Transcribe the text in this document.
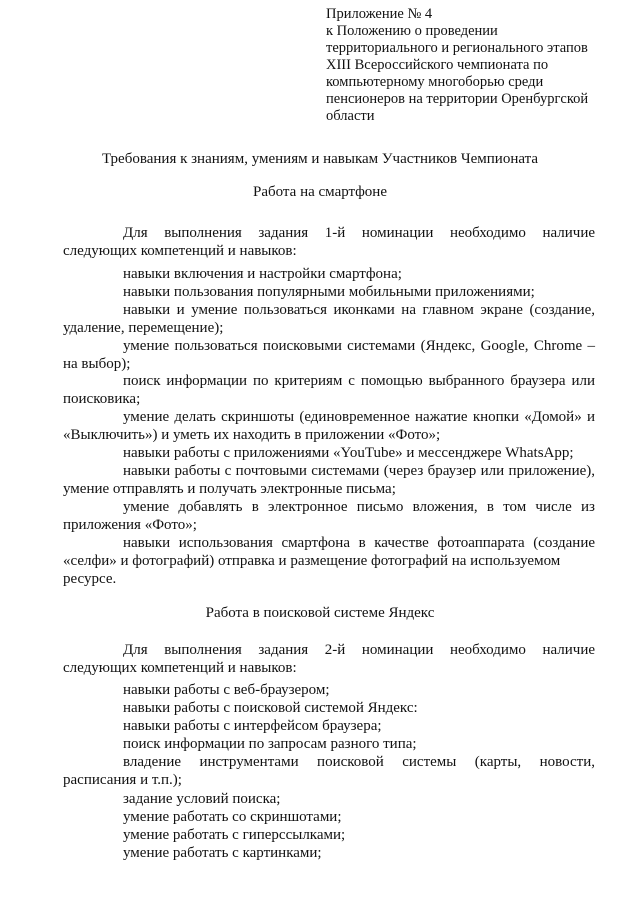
Приложение № 4
к Положению о проведении
территориального и регионального этапов
XIII Всероссийского чемпионата по
компьютерному многоборью среди
пенсионеров на территории Оренбургской
области
Требования к знаниям, умениям и навыкам Участников Чемпионата
Работа на смартфоне
Для выполнения задания 1-й номинации необходимо наличие
следующих компетенций и навыков:
навыки включения и настройки смартфона;
навыки пользования популярными мобильными приложениями;
навыки и умение пользоваться иконками на главном экране (создание,
удаление, перемещение);
умение пользоваться поисковыми системами (Яндекс, Google, Chrome –
на выбор);
поиск информации по критериям с помощью выбранного браузера или
поисковика;
умение делать скриншоты (единовременное нажатие кнопки «Домой» и
«Выключить») и уметь их находить в приложении «Фото»;
навыки работы с приложениями «YouTube» и мессенджере WhatsApp;
навыки работы с почтовыми системами (через браузер или приложение),
умение отправлять и получать электронные письма;
умение добавлять в электронное письмо вложения, в том числе из
приложения «Фото»;
навыки использования смартфона в качестве фотоаппарата (создание
«селфи» и фотографий) отправка и размещение фотографий на используемом
ресурсе.
Работа в поисковой системе Яндекс
Для выполнения задания 2-й номинации необходимо наличие
следующих компетенций и навыков:
навыки работы с веб-браузером;
навыки работы с поисковой системой Яндекс:
навыки работы с интерфейсом браузера;
поиск информации по запросам разного типа;
владение инструментами поисковой системы (карты, новости,
расписания и т.п.);
задание условий поиска;
умение работать со скриншотами;
умение работать с гиперссылками;
умение работать с картинками;
